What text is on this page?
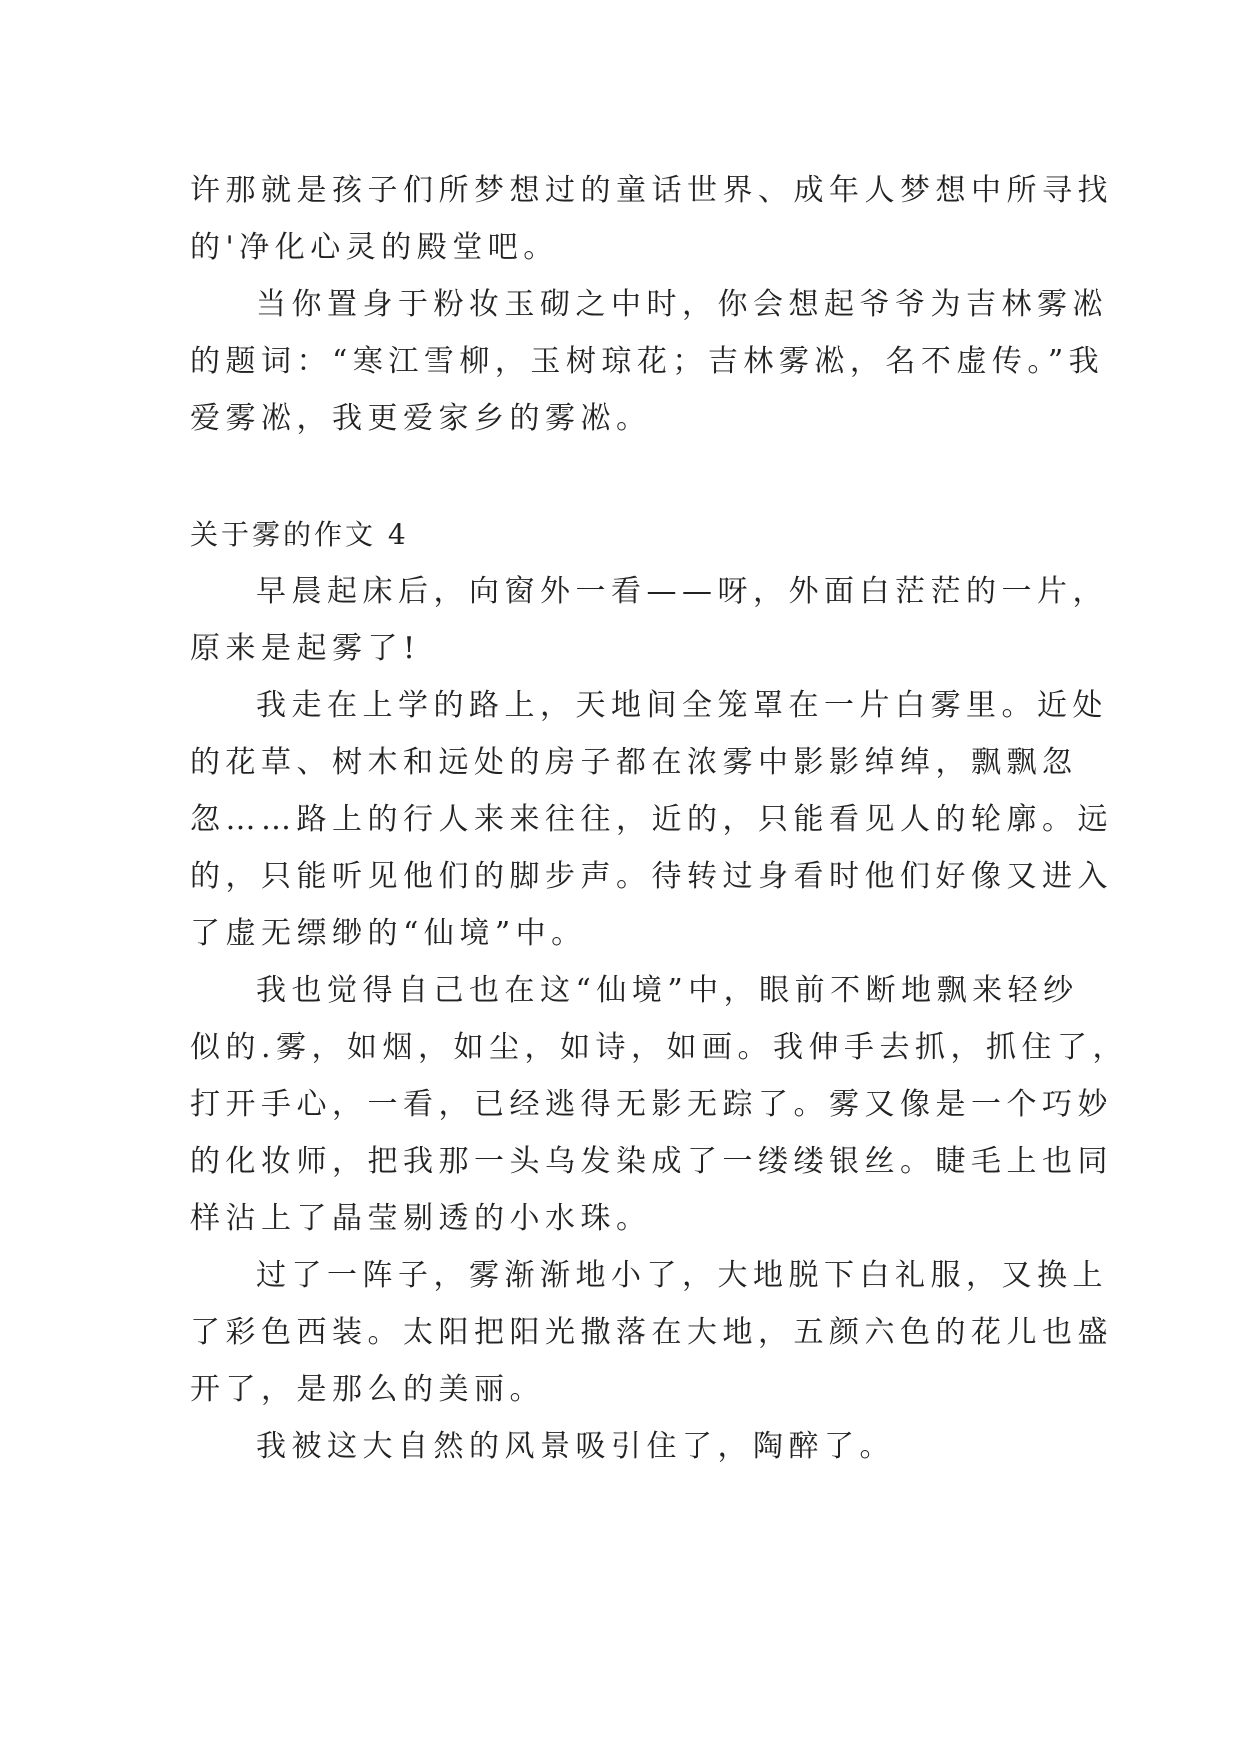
许那就是孩子们所梦想过的童话世界、成年人梦想中所寻找
的'净化心灵的殿堂吧。
当你置身于粉妆玉砌之中时，你会想起爷爷为吉林雾凇
的题词：“寒江雪柳，玉树琼花；吉林雾凇，名不虚传。”我
爱雾凇，我更爱家乡的雾凇。
关于雾的作文 4
早晨起床后，向窗外一看——呀，外面白茫茫的一片，
原来是起雾了!
我走在上学的路上，天地间全笼罩在一片白雾里。近处
的花草、树木和远处的房子都在浓雾中影影绰绰，飘飘忽
忽……路上的行人来来往往，近的，只能看见人的轮廓。远
的，只能听见他们的脚步声。待转过身看时他们好像又进入
了虚无缥缈的“仙境”中。
我也觉得自己也在这“仙境”中，眼前不断地飘来轻纱
似的.雾，如烟，如尘，如诗，如画。我伸手去抓，抓住了，
打开手心，一看，已经逃得无影无踪了。雾又像是一个巧妙
的化妆师，把我那一头乌发染成了一缕缕银丝。睫毛上也同
样沾上了晶莹剔透的小水珠。
过了一阵子，雾渐渐地小了，大地脱下白礼服，又换上
了彩色西装。太阳把阳光撒落在大地，五颜六色的花儿也盛
开了，是那么的美丽。
我被这大自然的风景吸引住了，陶醉了。
